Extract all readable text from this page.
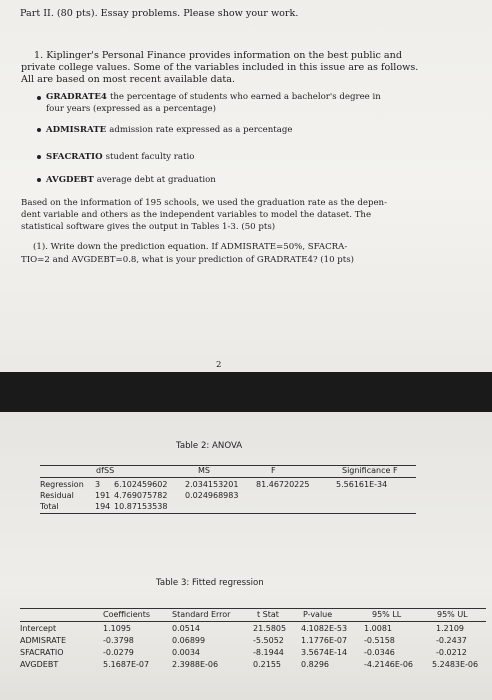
Part II. (80 pts). Essay problems. Please show your work.
1. Kiplinger's Personal Finance provides information on the best public and
private college values. Some of the variables included in this issue are as follows.
All are based on most recent available data.
GRADRATE4 the percentage of students who earned a bachelor's degree in
four years (expressed as a percentage)
ADMISRATE admission rate expressed as a percentage
SFACRATIO student faculty ratio
AVGDEBT average debt at graduation
Based on the information of 195 schools, we used the graduation rate as the depen-
dent variable and others as the independent variables to model the dataset. The
statistical software gives the output in Tables 1-3. (50 pts)
(1). Write down the prediction equation. If ADMISRATE=50%, SFACRA-
TIO=2 and AVGDEBT=0.8, what is your prediction of GRADRATE4? (10 pts)
2
Table 2: ANOVA
df SS	MS	F	Significance F
Regression 3 6.102459602 2.034153201 81.46720225	5.56161E-34
Residual	191 4.769075782 0.024968983
Total	194 10.87153538
Table 3: Fitted regression
Coefficients	Standard Error	t Stat	P-value	95% LL	95% UL
Intercept	1.1095	0.0514	21.5805 4.1082E-53 1.0081	1.2109
ADMISRATE	-0.3798	0.06899	-5.5052 1.1776E-07 -0.5158	-0.2437
SFACRATIO	-0.0279	0.0034	-8.1944 3.5674E-14 -0.0346	-0.0212
AVGDEBT	5.1687E-07	2.3988E-06	0.2155	0.8296	-4.2146E-06 5.2483E-06
